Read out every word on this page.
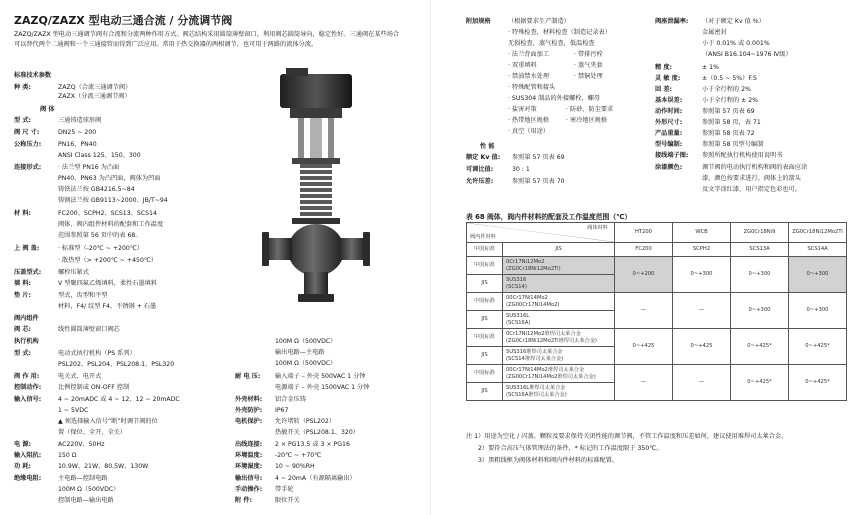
ZAZQ/ZAZX 型电动三通合流 / 分流调节阀
ZAZQ/ZAZX 型电动三通调节阀有合流和分流两种作用方式。阀芯结构采用圆筒薄壁窗口，利用阀芯圆筒导向，稳定性好。三通阀在某些场合可以替代两个二通阀和一个三通接管而得到广泛应用。常用于热交换器的两相调节，也可用于两路的流体分流。
标准技术参数
种 类:	ZAZQ（合流三通调节阀）
ZAZX（分流三通调节阀）
阀 体
型 式:	三通铸造球形阀
阀 尺 寸:	DN25 ~ 200
公称压力:	PN16、PN40
ANSI Class 125、150、300
连接形式:	· 法兰型 PN16 为凸面
PN40、PN63 为凸凹面，阀体为凹面
铸铁法兰按 GB4216.5~84
铸钢法兰按 GB9113~2000、JB/T~94
材 料:	FC200、SCPH2、SCS13、SCS14
阀体、阀内组件材料的配套和工作温度
范围参照第 56 页中的表 68。
上 阀 盖:	· 标准型（-20℃ ~ +200℃）
· 散热型（> +200℃ ~ +450℃）
压盖型式:	螺栓压紧式
填 料:	V 型聚四氟乙烯填料，柔性石墨填料
垫 片:	型式，齿型和平型
材料，F4/ 纹型 F4，不锈钢 + 石墨
阀内组件
阀 芯:	线性圆筒薄壁窗口阀芯
执行机构
型 式:	电动式执行机构（PS 系列）
PSL202、PSL204、PSL208.1、PSL320
阀 作 用:	电关式、电开式
控制动作:	比例控制或 ON-OFF 控制
输入信号:	4 ~ 20mADC 或 4 ~ 12、12 ~ 20mADC
1 ~ 5VDC
▲ 须选择输入信号“断”时调节阀的位
置（保位、全开、全关）
电 源:	AC220V、50Hz
输入阻抗:	150 Ω
功 耗:	10.9W、21W、80.5W、130W
绝缘电阻:	主电路—控制电路
100M Ω（500VDC）
控制电路—输出电路
100M Ω（500VDC）
输出电路—主电路
100M Ω（500VDC）
耐 电 压: 输入端子 – 外壳 500VAC 1 分钟
电源端子 – 外壳 1500VAC 1 分钟
外壳材料: 铝合金压铸
外壳防护: IP67
电机保护: 允许堵转（PSL202）
热敏开关（PSL208.1、320）
出线连接: 2 × PG13.5 或 3 × PG16
环境温度: -20℃ ~ +70℃
环境湿度: 10 ~ 90%RH
输出信号: 4 ~ 20mA（有源隔离输出）
手动操作: 带手轮
附 件:	限位开关
附加规格	（根据要求生产制造）
· 特殊检查，材料检查（制造记录表）
无损检查，蒸气检查，低温检查
· 法兰背面加工	· 带排污栓
· 双重填料	· 蒸气夹套
· 禁油禁水处理	· 禁铜处理
· 特殊配管和接头
· SUS304 制品的外接螺栓，螺母
· 盐害对策	· 防砂、防尘要求
· 热带地区规格	· 寒冷地区规格
· 真空（用途）
性 能
额定 Kv 值: 参照第 57 页表 69
可调比值:	30 : 1
允许压差:	参照第 57 页表 70
阀座泄漏率: （对于额定 Kv 值 %）
金属密封
小于 0.01% 或 0.001%
（ANSI B16.104~1976 Ⅳ级）
精 度:	± 1%
灵 敏 度:	±（0.5 ~ 5%）F.S
回 差:	小于全行程的 2%
基本误差:	小于全行程的 ± 2%
动作时间:	参照第 57 页表 69
外形尺寸:	参照第 58 页，表 71
产品重量:	参照第 58 页表 72
型号编制:	参照第 58 页型号编制
接线端子图: 参照所配执行机构使用说明书
涂漆颜色:	调节阀的电动执行机构和阀的表面应涂
漆，颜色按要求进行。阀体上的箭头
及文字涂红漆，用户指定色彩也可。
表 68 阀体，阀内件材料的配套及工作温度范围（℃）
阀体材料
阀内件材料		HT200	WCB	ZG0Cr18Ni9	ZG0Cr18Ni12Mo2Ti
中国标准	JIS	FC200	SCPH2	SCS13A	SCS14A
中国标准	0Cr17Ni12Mo2
(ZG0Cr18Ni12Mo2Ti)	0~+200	0~+300	0~+300	0~+300
JIS	SUS316
(SCS14)				
中国标准	00Cr17Ni14Mo2
(ZG00Cr17Ni14Mo2)	—	—	0~+300	0~+300
JIS	SUS316L
(SCS16A)				
中国标准	0Cr17Ni12Mo2堆焊司太莱合金
(ZG0Cr18Ni12Mo2Ti堆焊司太莱合金)	0~+425	0~+425	0~+425*	0~+425*
JIS	SUS316堆焊司太莱合金
(SCS14堆焊司太莱合金)				
中国标准	00Cr17Ni14Mo2堆焊司太莱合金
(ZG00Cr17Ni14Mo2堆焊司太莱合金)	—	—	0~+425*	0~+425*
JIS	SUS316L堆焊司太莱合金
(SCS16A堆焊司太莱合金)				
注 1）用途为空化 / 闪蒸、颗粒及要求保持关闭性能的调节阀，不管工作温度和压差如何，建议使用堆焊司太莱合金。
2）要符合高压气体管理法的条件，* 标记的工作温度限于 350℃。
3）黑粗线框为阀体材料和阀内件材料的标准配置。
